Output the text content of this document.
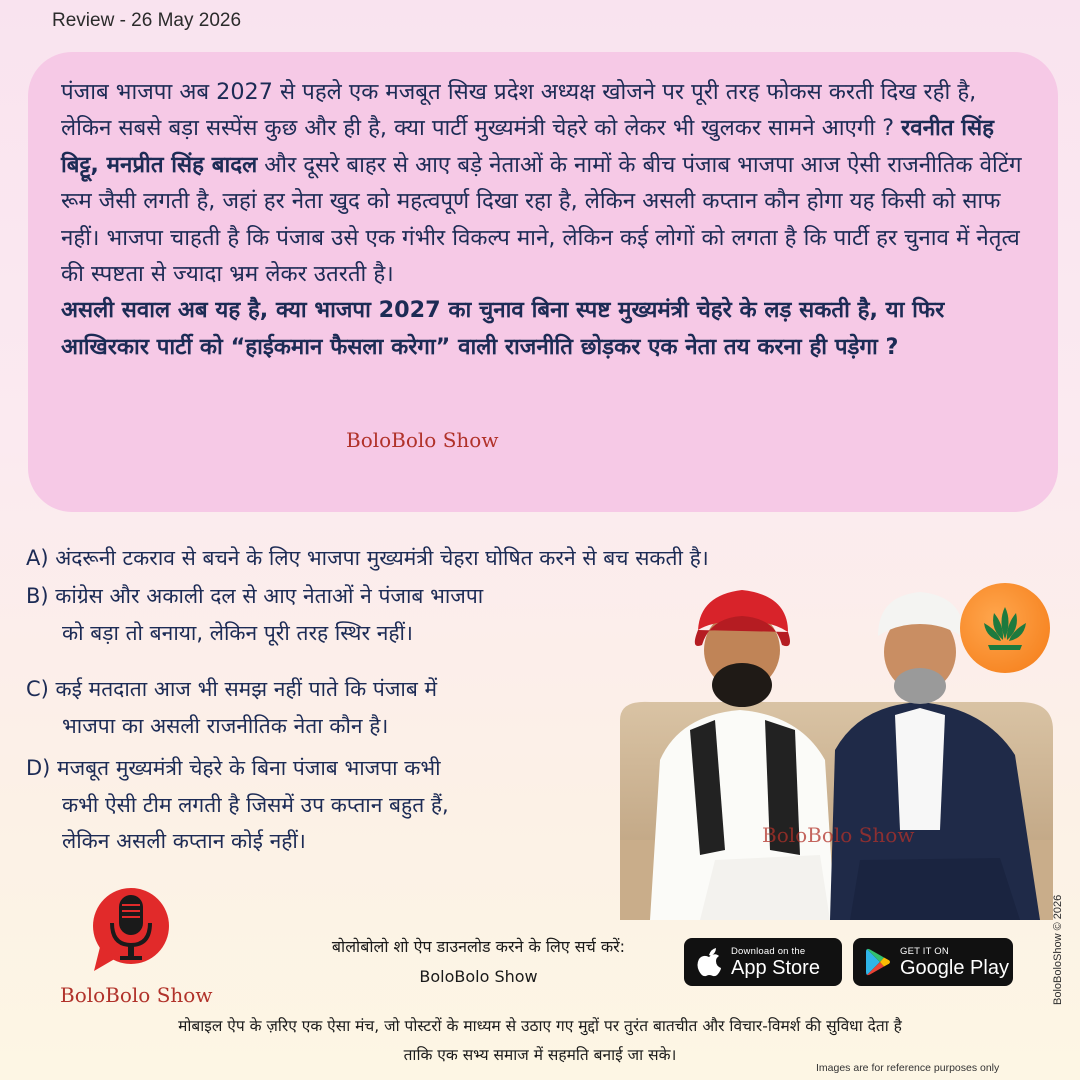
Review - 26 May 2026

पंजाब भाजपा अब 2027 से पहले एक मजबूत सिख प्रदेश अध्यक्ष खोजने पर पूरी तरह फोकस करती दिख रही है, लेकिन सबसे बड़ा सस्पेंस कुछ और ही है, क्या पार्टी मुख्यमंत्री चेहरे को लेकर भी खुलकर सामने आएगी ? रवनीत सिंह बिट्टू, मनप्रीत सिंह बादल और दूसरे बाहर से आए बड़े नेताओं के नामों के बीच पंजाब भाजपा आज ऐसी राजनीतिक वेटिंग रूम जैसी लगती है, जहां हर नेता खुद को महत्वपूर्ण दिखा रहा है, लेकिन असली कप्तान कौन होगा यह किसी को साफ नहीं। भाजपा चाहती है कि पंजाब उसे एक गंभीर विकल्प माने, लेकिन कई लोगों को लगता है कि पार्टी हर चुनाव में नेतृत्व की स्पष्टता से ज्यादा भ्रम लेकर उतरती है।

असली सवाल अब यह है, क्या भाजपा 2027 का चुनाव बिना स्पष्ट मुख्यमंत्री चेहरे के लड़ सकती है, या फिर आखिरकार पार्टी को “हाईकमान फैसला करेगा” वाली राजनीति छोड़कर एक नेता तय करना ही पड़ेगा ?

BoloBolo Show
A) अंदरूनी टकराव से बचने के लिए भाजपा मुख्यमंत्री चेहरा घोषित करने से बच सकती है।
B) कांग्रेस और अकाली दल से आए नेताओं ने पंजाब भाजपा
को बड़ा तो बनाया, लेकिन पूरी तरह स्थिर नहीं।
C) कई मतदाता आज भी समझ नहीं पाते कि पंजाब में
भाजपा का असली राजनीतिक नेता कौन है।
D) मजबूत मुख्यमंत्री चेहरे के बिना पंजाब भाजपा कभी
कभी ऐसी टीम लगती है जिसमें उप कप्तान बहुत हैं,
लेकिन असली कप्तान कोई नहीं।	BoloBolo Show
BoloBoloShow © 2026
BoloBolo Show
बोलोबोलो शो ऐप डाउनलोड करने के लिए सर्च करें:
BoloBolo Show
Download on the
App Store
GET IT ON
Google Play
मोबाइल ऐप के ज़रिए एक ऐसा मंच, जो पोस्टरों के माध्यम से उठाए गए मुद्दों पर तुरंत बातचीत और विचार-विमर्श की सुविधा देता है
ताकि एक सभ्य समाज में सहमति बनाई जा सके।
Images are for reference purposes only
